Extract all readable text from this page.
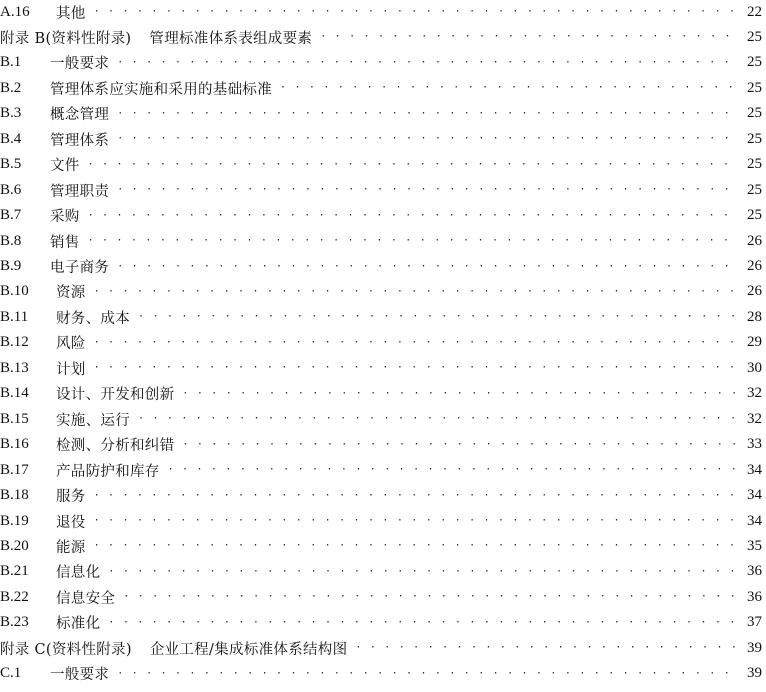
A.16	其他 · · ·	22
附录 B(资料性附录) 管理标准体系表组成要素 · · ·	25
B.1	一般要求 · · ·	25
B.2	管理体系应实施和采用的基础标准 · · ·	25
B.3	概念管理 · · ·	25
B.4	管理体系 · · ·	25
B.5	文件 · · ·	25
B.6	管理职责 · · ·	25
B.7	采购 · · ·	25
B.8	销售 · · ·	26
B.9	电子商务 · · ·	26
B.10	资源 · · ·	26
B.11	财务、成本 · · ·	28
B.12	风险 · · ·	29
B.13	计划 · · ·	30
B.14	设计、开发和创新 · · ·	32
B.15	实施、运行 · · ·	32
B.16	检测、分析和纠错 · · ·	33
B.17	产品防护和库存 · · ·	34
B.18	服务 · · ·	34
B.19	退役 · · ·	34
B.20	能源 · · ·	35
B.21	信息化 · · ·	36
B.22	信息安全 · · ·	36
B.23	标准化 · · ·	37
附录 C(资料性附录) 企业工程/集成标准体系结构图 · · ·	39
C.1	一般要求 · · ·	39
